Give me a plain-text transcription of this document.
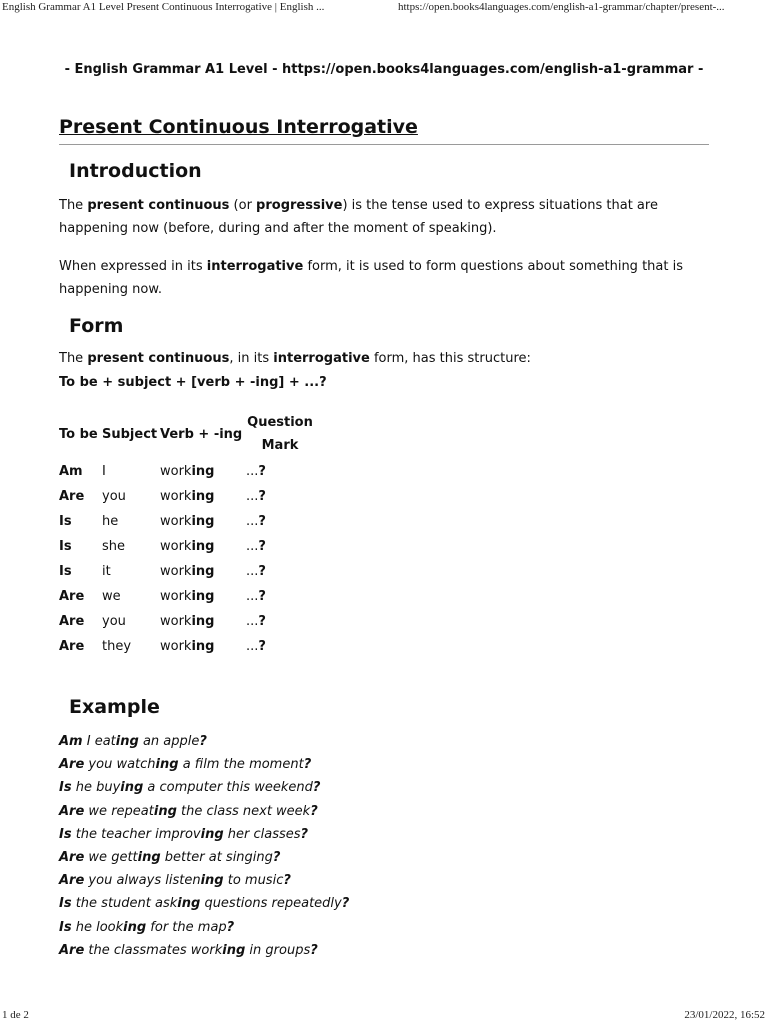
English Grammar A1 Level Present Continuous Interrogative | English ...	https://open.books4languages.com/english-a1-grammar/chapter/present-...
- English Grammar A1 Level - https://open.books4languages.com/english-a1-grammar -
Present Continuous Interrogative
Introduction

The present continuous (or progressive) is the tense used to express situations that are happening now (before, during and after the moment of speaking).

When expressed in its interrogative form, it is used to form questions about something that is happening now.

Form

The present continuous, in its interrogative form, has this structure:

To be + subject + [verb + -ing] + ...?

To be	Subject	Verb + -ing	Question Mark
Am	I	working	...?
Are	you	working	...?
Is	he	working	...?
Is	she	working	...?
Is	it	working	...?
Are	we	working	...?
Are	you	working	...?
Are	they	working	...?
Example
Am I eating an apple?
Are you watching a film the moment?
Is he buying a computer this weekend?
Are we repeating the class next week?
Is the teacher improving her classes?
Are we getting better at singing?
Are you always listening to music?
Is the student asking questions repeatedly?
Is he looking for the map?
Are the classmates working in groups?
1 de 2	23/01/2022, 16:52
